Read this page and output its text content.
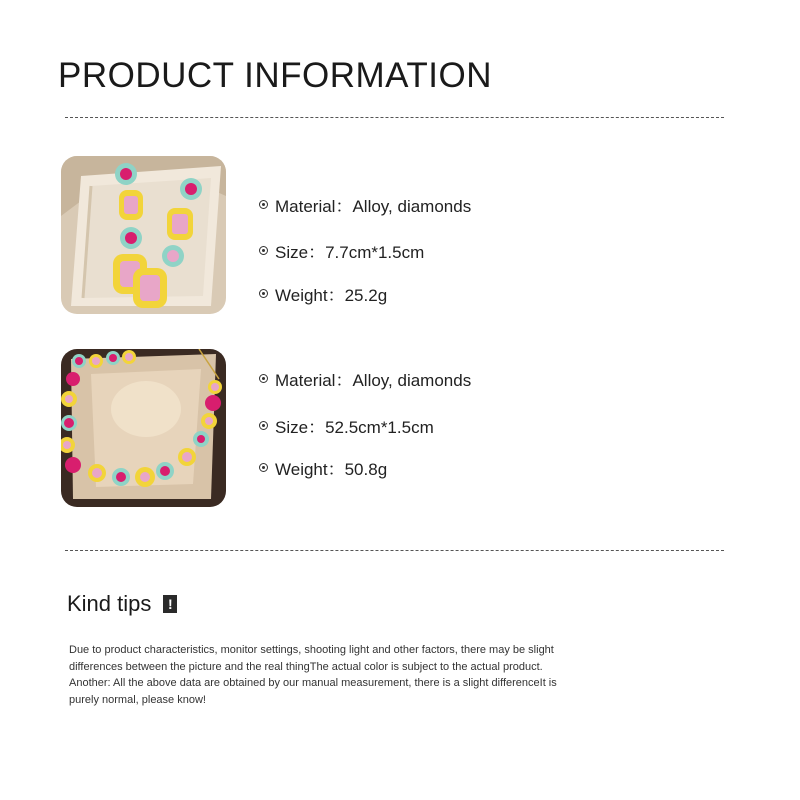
PRODUCT INFORMATION
Material：Alloy, diamonds
Size：7.7cm*1.5cm
Weight：25.2g
Material：Alloy, diamonds
Size：52.5cm*1.5cm
Weight：50.8g
Kind tips	!

Due to product characteristics, monitor settings, shooting light and other factors, there may be slight

differences between the picture and the real thingThe actual color is subject to the actual product.

Another: All the above data are obtained by our manual measurement, there is a slight differenceIt is

purely normal, please know!
